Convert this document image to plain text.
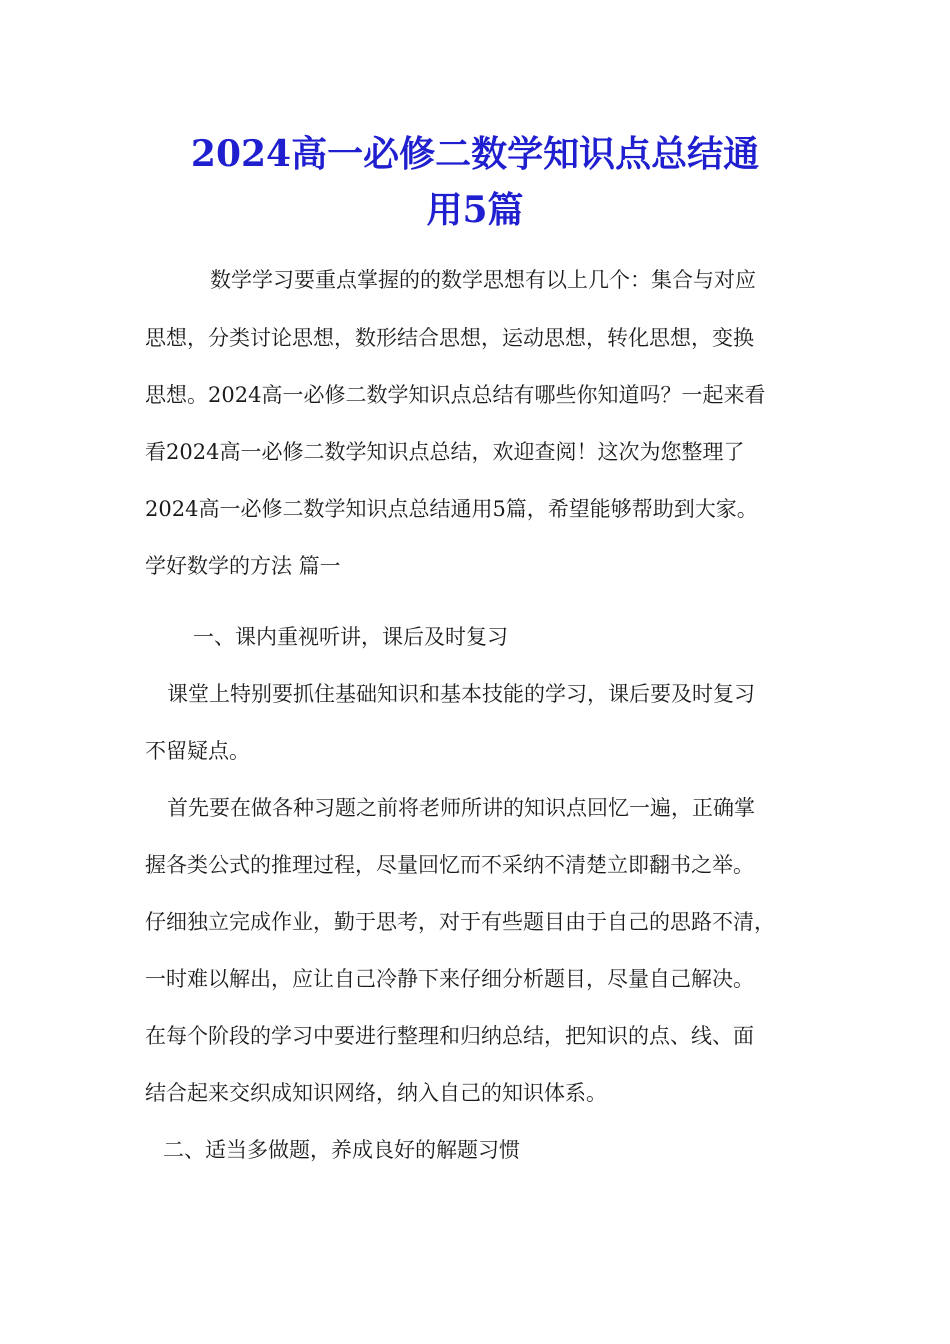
2024高一必修二数学知识点总结通
用5篇

数学学习要重点掌握的的数学思想有以上几个：集合与对应

思想，分类讨论思想，数形结合思想，运动思想，转化思想，变换

思想。2024高一必修二数学知识点总结有哪些你知道吗？一起来看

看2024高一必修二数学知识点总结，欢迎查阅！这次为您整理了

2024高一必修二数学知识点总结通用5篇，希望能够帮助到大家。

学好数学的方法 篇一

一、课内重视听讲，课后及时复习

课堂上特别要抓住基础知识和基本技能的学习，课后要及时复习

不留疑点。

首先要在做各种习题之前将老师所讲的知识点回忆一遍，正确掌

握各类公式的推理过程，尽量回忆而不采纳不清楚立即翻书之举。

仔细独立完成作业，勤于思考，对于有些题目由于自己的思路不清，

一时难以解出，应让自己冷静下来仔细分析题目，尽量自己解决。

在每个阶段的学习中要进行整理和归纳总结，把知识的点、线、面

结合起来交织成知识网络，纳入自己的知识体系。

二、适当多做题，养成良好的解题习惯
